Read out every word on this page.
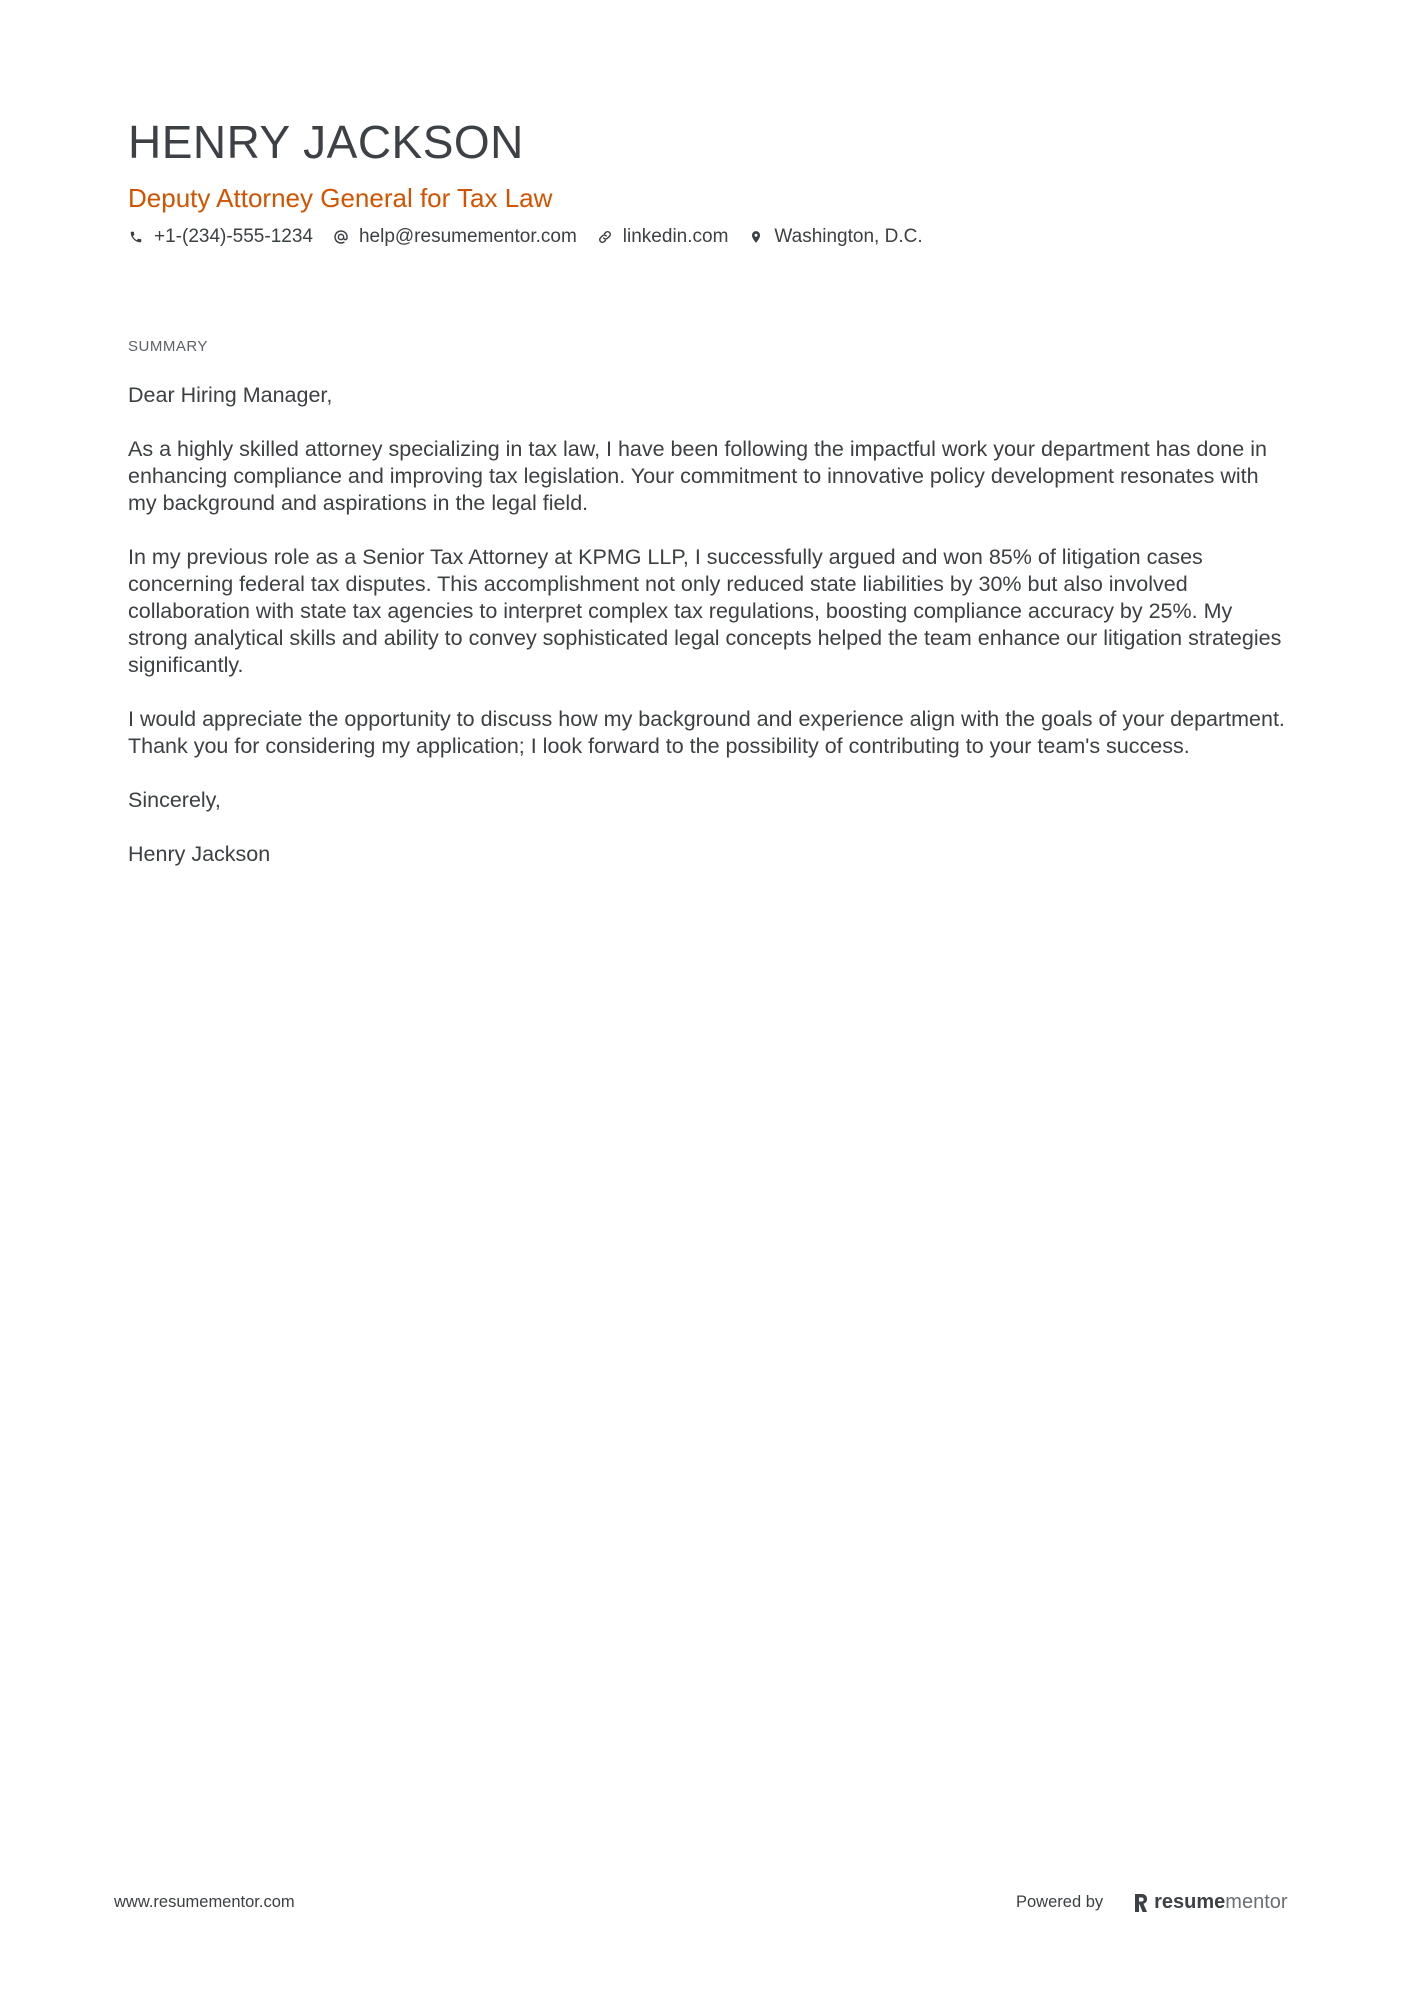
HENRY JACKSON
Deputy Attorney General for Tax Law
+1-(234)-555-1234 help@resumementor.com linkedin.com Washington, D.C.
SUMMARY

Dear Hiring Manager,

As a highly skilled attorney specializing in tax law, I have been following the impactful work your department has done in enhancing compliance and improving tax legislation. Your commitment to innovative policy development resonates with my background and aspirations in the legal field.

In my previous role as a Senior Tax Attorney at KPMG LLP, I successfully argued and won 85% of litigation cases concerning federal tax disputes. This accomplishment not only reduced state liabilities by 30% but also involved collaboration with state tax agencies to interpret complex tax regulations, boosting compliance accuracy by 25%. My strong analytical skills and ability to convey sophisticated legal concepts helped the team enhance our litigation strategies significantly.

I would appreciate the opportunity to discuss how my background and experience align with the goals of your department. Thank you for considering my application; I look forward to the possibility of contributing to your team's success.

Sincerely,

Henry Jackson

www.resumementor.com	Powered by	resume mentor
